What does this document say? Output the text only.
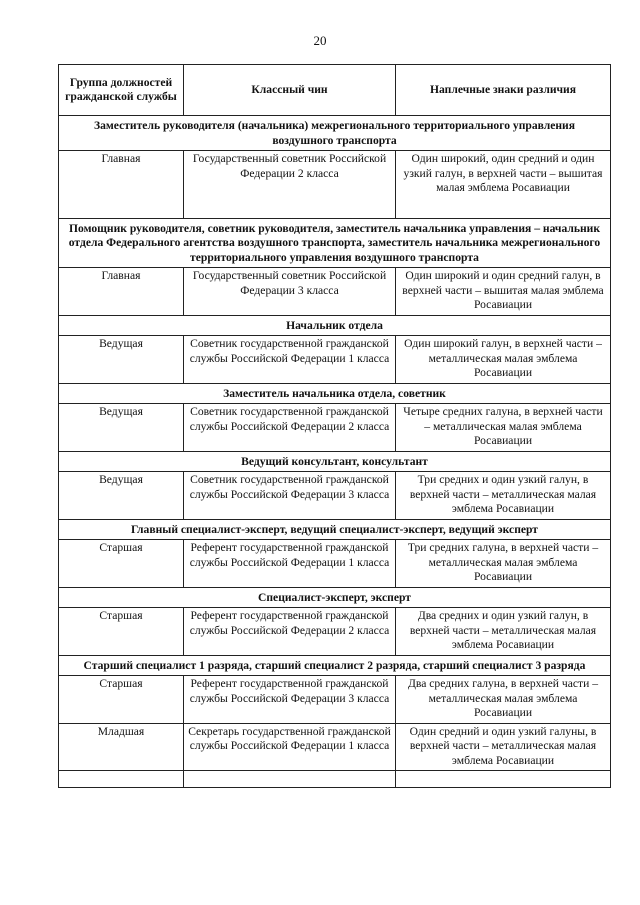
20
Группа должностей гражданской службы	Классный чин	Наплечные знаки различия
Заместитель руководителя (начальника) межрегионального территориального управления воздушного транспорта		
Главная	Государственный советник Российской Федерации 2 класса	Один широкий, один средний и один узкий галун, в верхней части – вышитая малая эмблема Росавиации
Помощник руководителя, советник руководителя, заместитель начальника управления – начальник отдела Федерального агентства воздушного транспорта, заместитель начальника межрегионального территориального управления воздушного транспорта		
Главная	Государственный советник Российской Федерации 3 класса	Один широкий и один средний галун, в верхней части – вышитая малая эмблема Росавиации
Начальник отдела		
Ведущая	Советник государственной гражданской службы Российской Федерации 1 класса	Один широкий галун, в верхней части – металлическая малая эмблема Росавиации
Заместитель начальника отдела, советник		
Ведущая	Советник государственной гражданской службы Российской Федерации 2 класса	Четыре средних галуна, в верхней части – металлическая малая эмблема Росавиации
Ведущий консультант, консультант		
Ведущая	Советник государственной гражданской службы Российской Федерации 3 класса	Три средних и один узкий галун, в верхней части – металлическая малая эмблема Росавиации
Главный специалист-эксперт, ведущий специалист-эксперт, ведущий эксперт		
Старшая	Референт государственной гражданской службы Российской Федерации 1 класса	Три средних галуна, в верхней части – металлическая малая эмблема Росавиации
Специалист-эксперт, эксперт		
Старшая	Референт государственной гражданской службы Российской Федерации 2 класса	Два средних и один узкий галун, в верхней части – металлическая малая эмблема Росавиации
Старший специалист 1 разряда, старший специалист 2 разряда, старший специалист 3 разряда		
Старшая	Референт государственной гражданской службы Российской Федерации 3 класса	Два средних галуна, в верхней части – металлическая малая эмблема Росавиации
Младшая	Секретарь государственной гражданской службы Российской Федерации 1 класса	Один средний и один узкий галуны, в верхней части – металлическая малая эмблема Росавиации
